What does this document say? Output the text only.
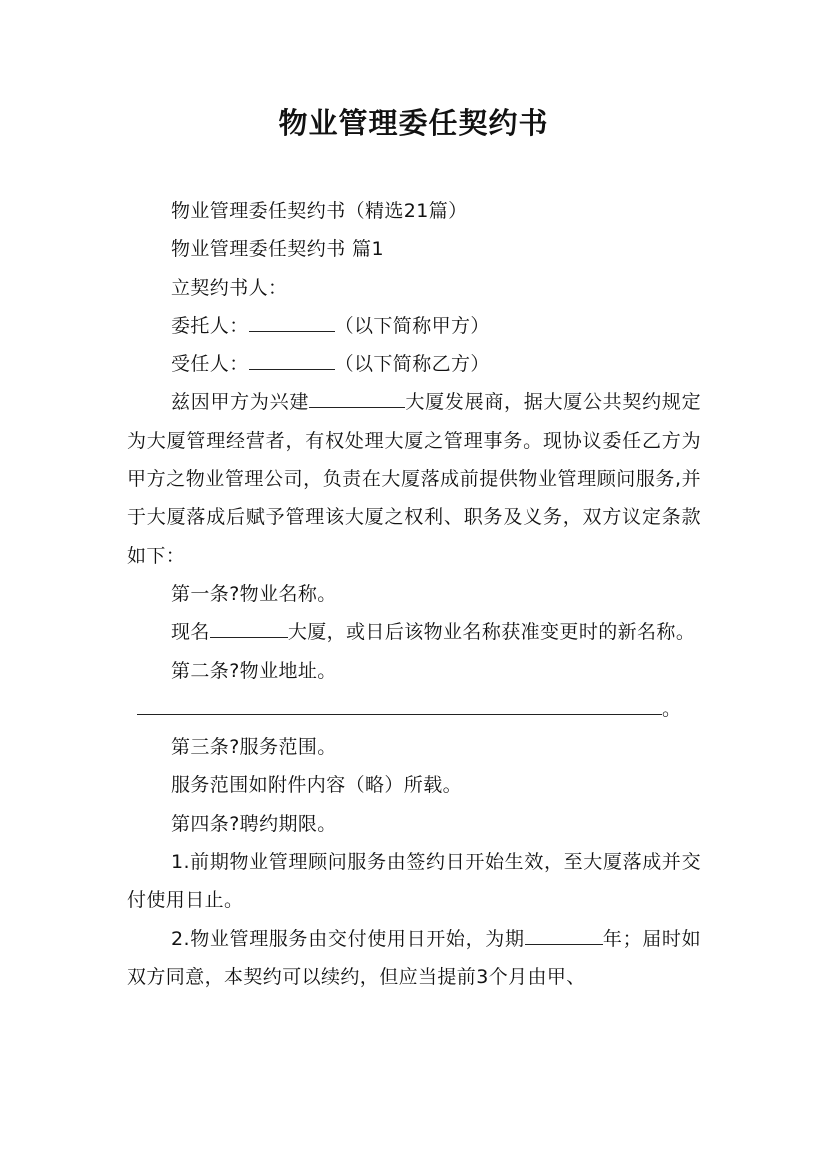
物业管理委任契约书

物业管理委任契约书（精选21篇）

物业管理委任契约书 篇1

立契约书人：

委托人：	（以下简称甲方）

受任人：	（以下简称乙方）

兹因甲方为兴建	大厦发展商，据大厦公共契约规定为大厦管理经营者，有权处理大厦之管理事务。现协议委任乙方为甲方之物业管理公司，负责在大厦落成前提供物业管理顾问服务,并于大厦落成后赋予管理该大厦之权利、职务及义务，双方议定条款如下：

第一条?物业名称。

现名	大厦，或日后该物业名称获准变更时的新名称。

第二条?物业地址。

。

第三条?服务范围。

服务范围如附件内容（略）所载。

第四条?聘约期限。

1.前期物业管理顾问服务由签约日开始生效，至大厦落成并交付使用日止。

2.物业管理服务由交付使用日开始，为期	年；届时如双方同意，本契约可以续约，但应当提前3个月由甲、
